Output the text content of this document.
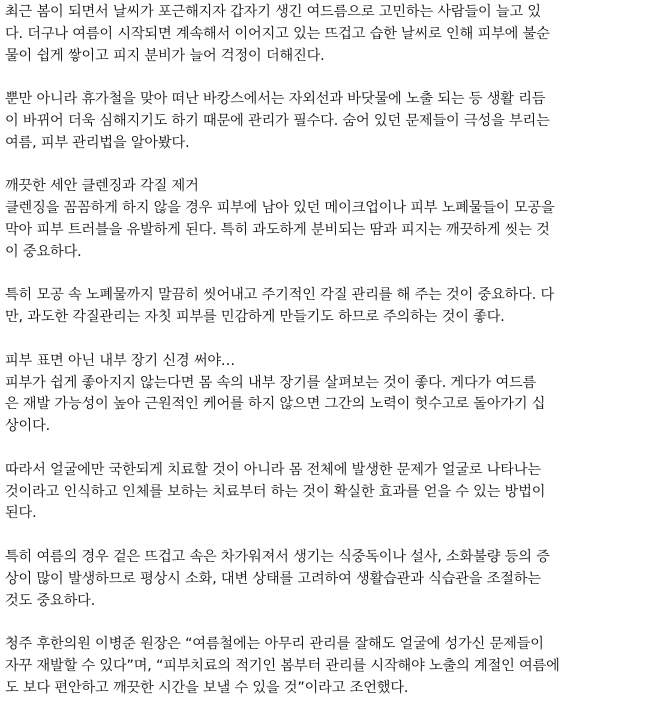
최근 봄이 되면서 날씨가 포근해지자 갑자기 생긴 여드름으로 고민하는 사람들이 늘고 있
다. 더구나 여름이 시작되면 계속해서 이어지고 있는 뜨겁고 습한 날씨로 인해 피부에 불순
물이 쉽게 쌓이고 피지 분비가 늘어 걱정이 더해진다.
뿐만 아니라 휴가철을 맞아 떠난 바캉스에서는 자외선과 바닷물에 노출 되는 등 생활 리듬
이 바뀌어 더욱 심해지기도 하기 때문에 관리가 필수다. 숨어 있던 문제들이 극성을 부리는
여름, 피부 관리법을 알아봤다.
깨끗한 세안 클렌징과 각질 제거
클렌징을 꼼꼼하게 하지 않을 경우 피부에 남아 있던 메이크업이나 피부 노폐물들이 모공을
막아 피부 트러블을 유발하게 된다. 특히 과도하게 분비되는 땀과 피지는 깨끗하게 씻는 것
이 중요하다.
특히 모공 속 노폐물까지 말끔히 씻어내고 주기적인 각질 관리를 해 주는 것이 중요하다. 다
만, 과도한 각질관리는 자칫 피부를 민감하게 만들기도 하므로 주의하는 것이 좋다.
피부 표면 아닌 내부 장기 신경 써야…
피부가 쉽게 좋아지지 않는다면 몸 속의 내부 장기를 살펴보는 것이 좋다. 게다가 여드름
은 재발 가능성이 높아 근원적인 케어를 하지 않으면 그간의 노력이 헛수고로 돌아가기 십
상이다.
따라서 얼굴에만 국한되게 치료할 것이 아니라 몸 전체에 발생한 문제가 얼굴로 나타나는
것이라고 인식하고 인체를 보하는 치료부터 하는 것이 확실한 효과를 얻을 수 있는 방법이
된다.
특히 여름의 경우 겉은 뜨겁고 속은 차가워져서 생기는 식중독이나 설사, 소화불량 등의 증
상이 많이 발생하므로 평상시 소화, 대변 상태를 고려하여 생활습관과 식습관을 조절하는
것도 중요하다.
청주 후한의원 이병준 원장은 “여름철에는 아무리 관리를 잘해도 얼굴에 성가신 문제들이
자꾸 재발할 수 있다”며, “피부치료의 적기인 봄부터 관리를 시작해야 노출의 계절인 여름에
도 보다 편안하고 깨끗한 시간을 보낼 수 있을 것”이라고 조언했다.
